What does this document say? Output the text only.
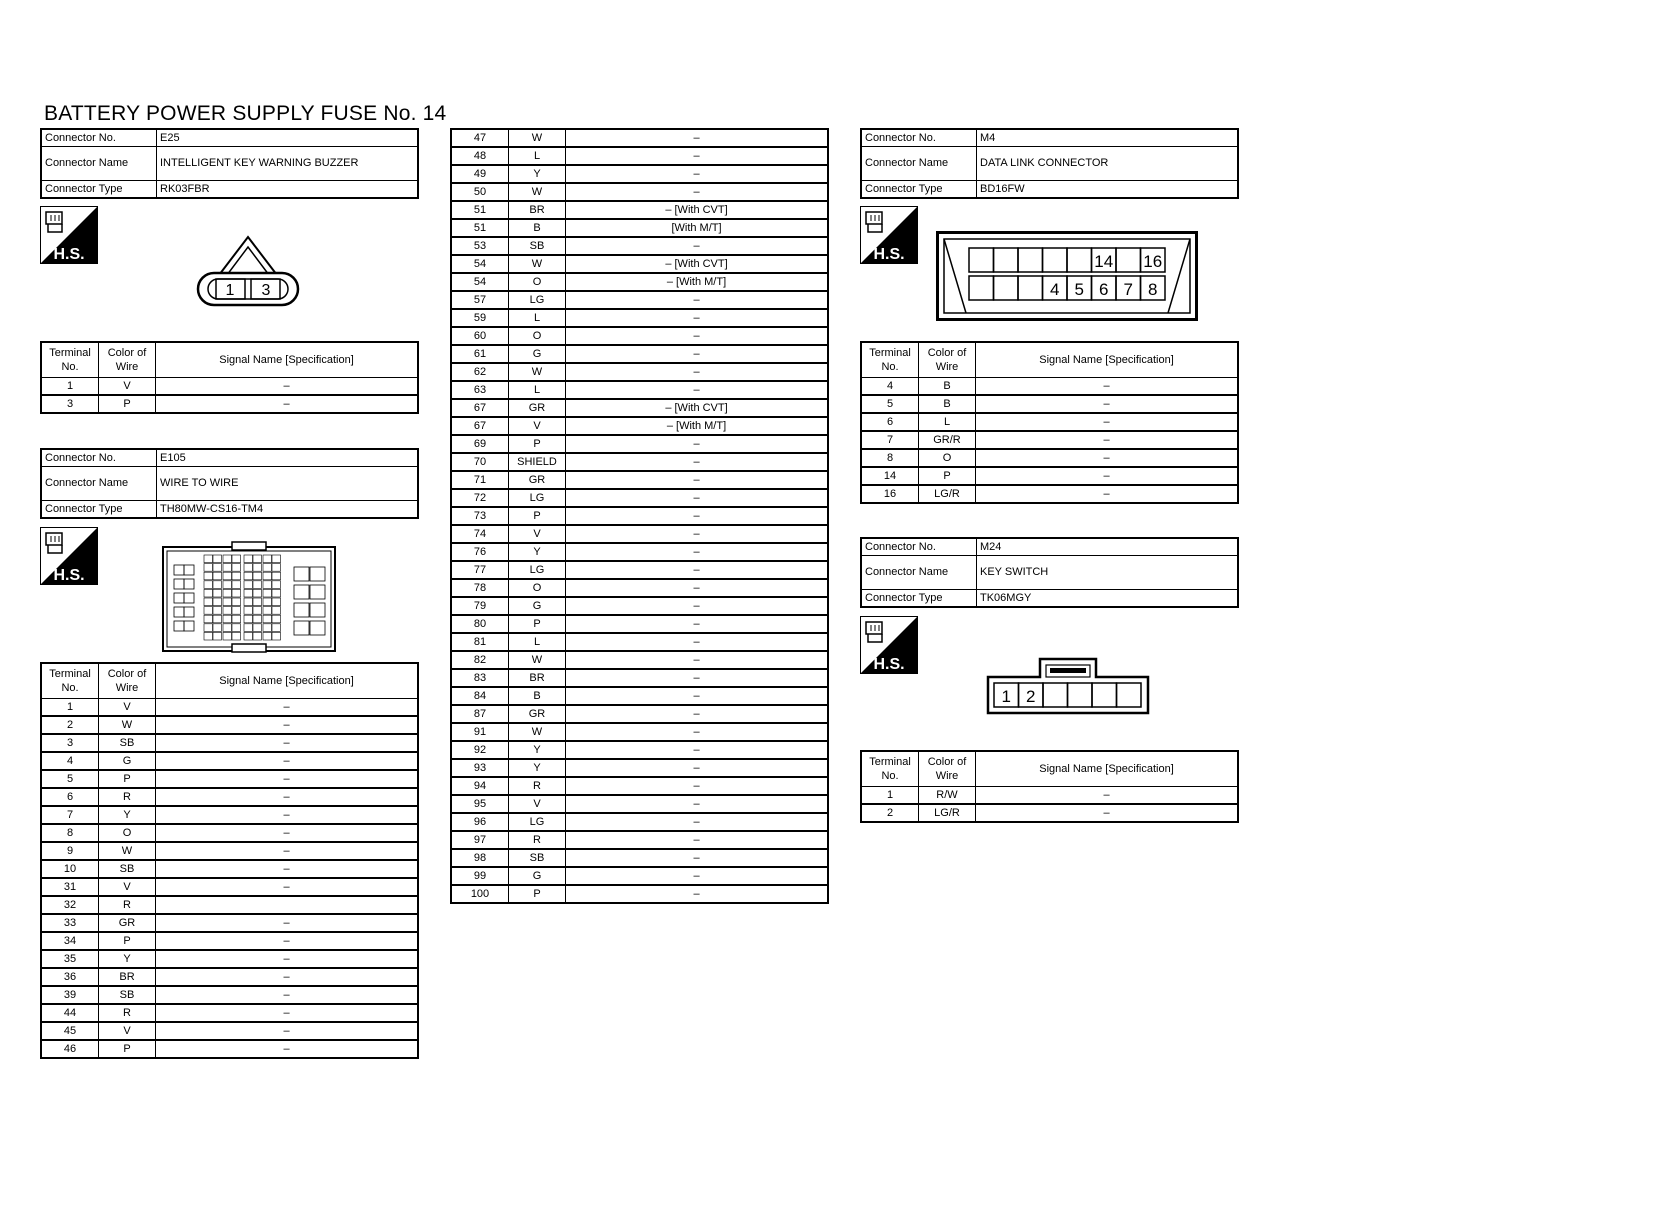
BATTERY POWER SUPPLY FUSE No. 14
Connector No.	E25
Connector Name	INTELLIGENT KEY WARNING BUZZER
Connector Type	RK03FBR
H.S.
1 3
Terminal No.	Color of Wire	Signal Name [Specification]
1	V	–
3	P	–
Connector No.	E105
Connector Name	WIRE TO WIRE
Connector Type	TH80MW-CS16-TM4
H.S.
Terminal No.	Color of Wire	Signal Name [Specification]
1	V	–
2	W	–
3	SB	–
4	G	–
5	P	–
6	R	–
7	Y	–
8	O	–
9	W	–
10	SB	–
31	V	–
32	R	
33	GR	–
34	P	–
35	Y	–
36	BR	–
39	SB	–
44	R	–
45	V	–
46	P	–
47	W	–
48	L	–
49	Y	–
50	W	–
51	BR	– [With CVT]
51	B	[With M/T]
53	SB	–
54	W	– [With CVT]
54	O	– [With M/T]
57	LG	–
59	L	–
60	O	–
61	G	–
62	W	–
63	L	–
67	GR	– [With CVT]
67	V	– [With M/T]
69	P	–
70	SHIELD	–
71	GR	–
72	LG	–
73	P	–
74	V	–
76	Y	–
77	LG	–
78	O	–
79	G	–
80	P	–
81	L	–
82	W	–
83	BR	–
84	B	–
87	GR	–
91	W	–
92	Y	–
93	Y	–
94	R	–
95	V	–
96	LG	–
97	R	–
98	SB	–
99	G	–
100	P	–
Connector No.	M4
Connector Name	DATA LINK CONNECTOR
Connector Type	BD16FW
H.S.	14 16
4 5 6 7 8
Terminal No.	Color of Wire	Signal Name [Specification]
4	B	–
5	B	–
6	L	–
7	GR/R	–
8	O	–
14	P	–
16	LG/R	–
Connector No.	M24
Connector Name	KEY SWITCH
Connector Type	TK06MGY
H.S.
1 2
Terminal No.	Color of Wire	Signal Name [Specification]
1	R/W	–
2	LG/R	–
